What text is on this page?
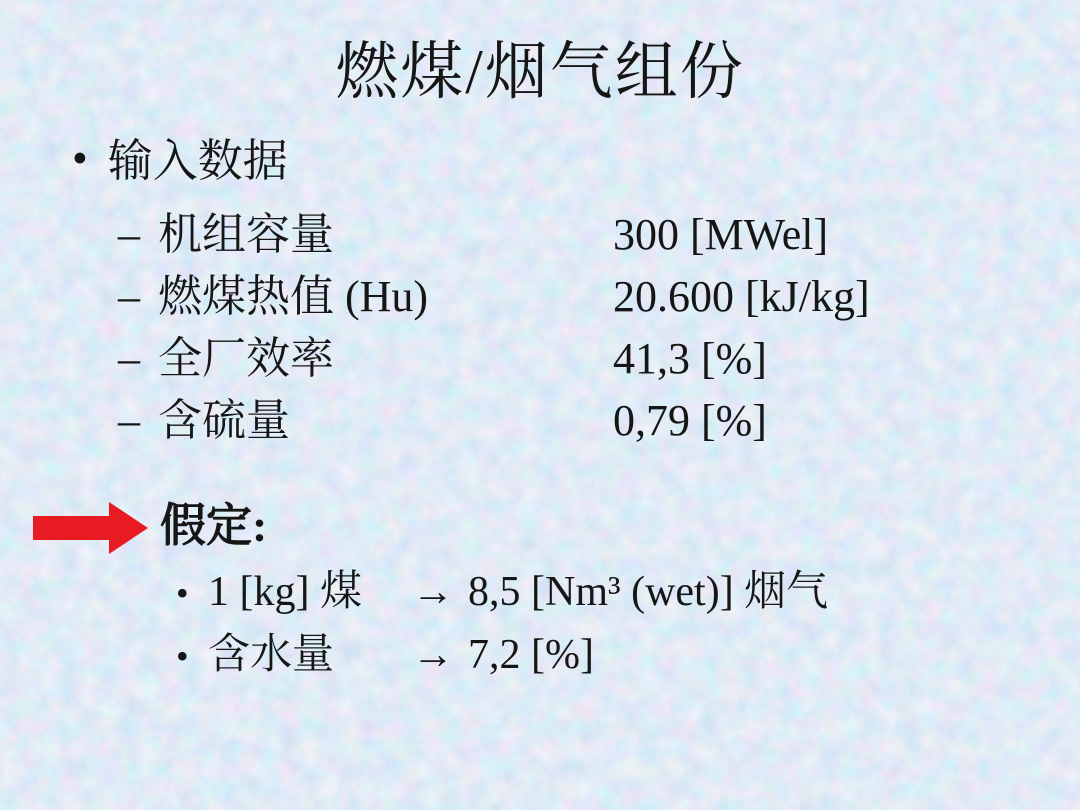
燃煤/烟气组份
• 输入数据
– 机组容量	300 [MWel]
– 燃煤热值 (Hu)	20.600 [kJ/kg]
– 全厂效率	41,3 [%]
– 含硫量	0,79 [%]
假定:
• 1 [kg] 煤	→ 8,5 [Nm³ (wet)] 烟气
• 含水量	→ 7,2 [%]
